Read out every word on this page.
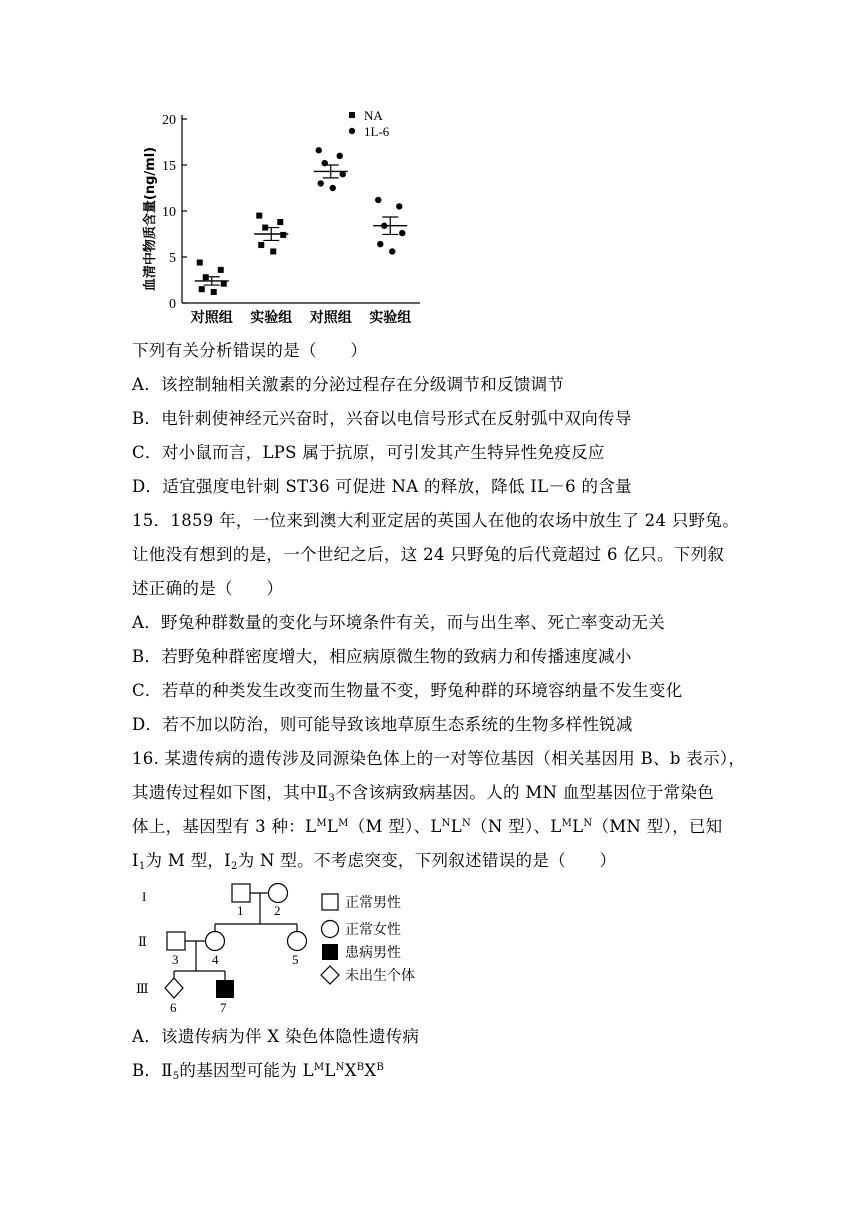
0
5
10
15
20
血清中物质含量(ng/ml)
对照组 实验组 对照组 实验组
NA
1L-6
下列有关分析错误的是（　　）
A．该控制轴相关激素的分泌过程存在分级调节和反馈调节
B．电针刺使神经元兴奋时，兴奋以电信号形式在反射弧中双向传导
C．对小鼠而言，LPS 属于抗原，可引发其产生特异性免疫反应
D．适宜强度电针刺 ST36 可促进 NA 的释放，降低 IL－6 的含量
15．1859 年，一位来到澳大利亚定居的英国人在他的农场中放生了 24 只野兔。
让他没有想到的是，一个世纪之后，这 24 只野兔的后代竟超过 6 亿只。下列叙
述正确的是（　　）
A．野兔种群数量的变化与环境条件有关，而与出生率、死亡率变动无关
B．若野兔种群密度增大，相应病原微生物的致病力和传播速度减小
C．若草的种类发生改变而生物量不变，野兔种群的环境容纳量不发生变化
D．若不加以防治，则可能导致该地草原生态系统的生物多样性锐减
16. 某遗传病的遗传涉及同源染色体上的一对等位基因（相关基因用 B、b 表示），
其遗传过程如下图，其中$Ⅱ_3$不含该病致病基因。人的 MN 血型基因位于常染色
体上，基因型有 3 种：$L^ML^M(M$ 型）、$L^NL^N(N$ 型）、$L^ML^N(MN$ 型），已知
$I_1$为 M 型，$I_2$为 N 型。不考虑突变，下列叙述错误的是（　　）
I
Ⅱ
Ⅲ
1 2
3	4	5
6	7
正常男性
正常女性
患病男性
未出生个体
A．该遗传病为伴 X 染色体隐性遗传病
B．$Ⅱ_5$的基因型可能为 $L^ML^NX^BX^B$
